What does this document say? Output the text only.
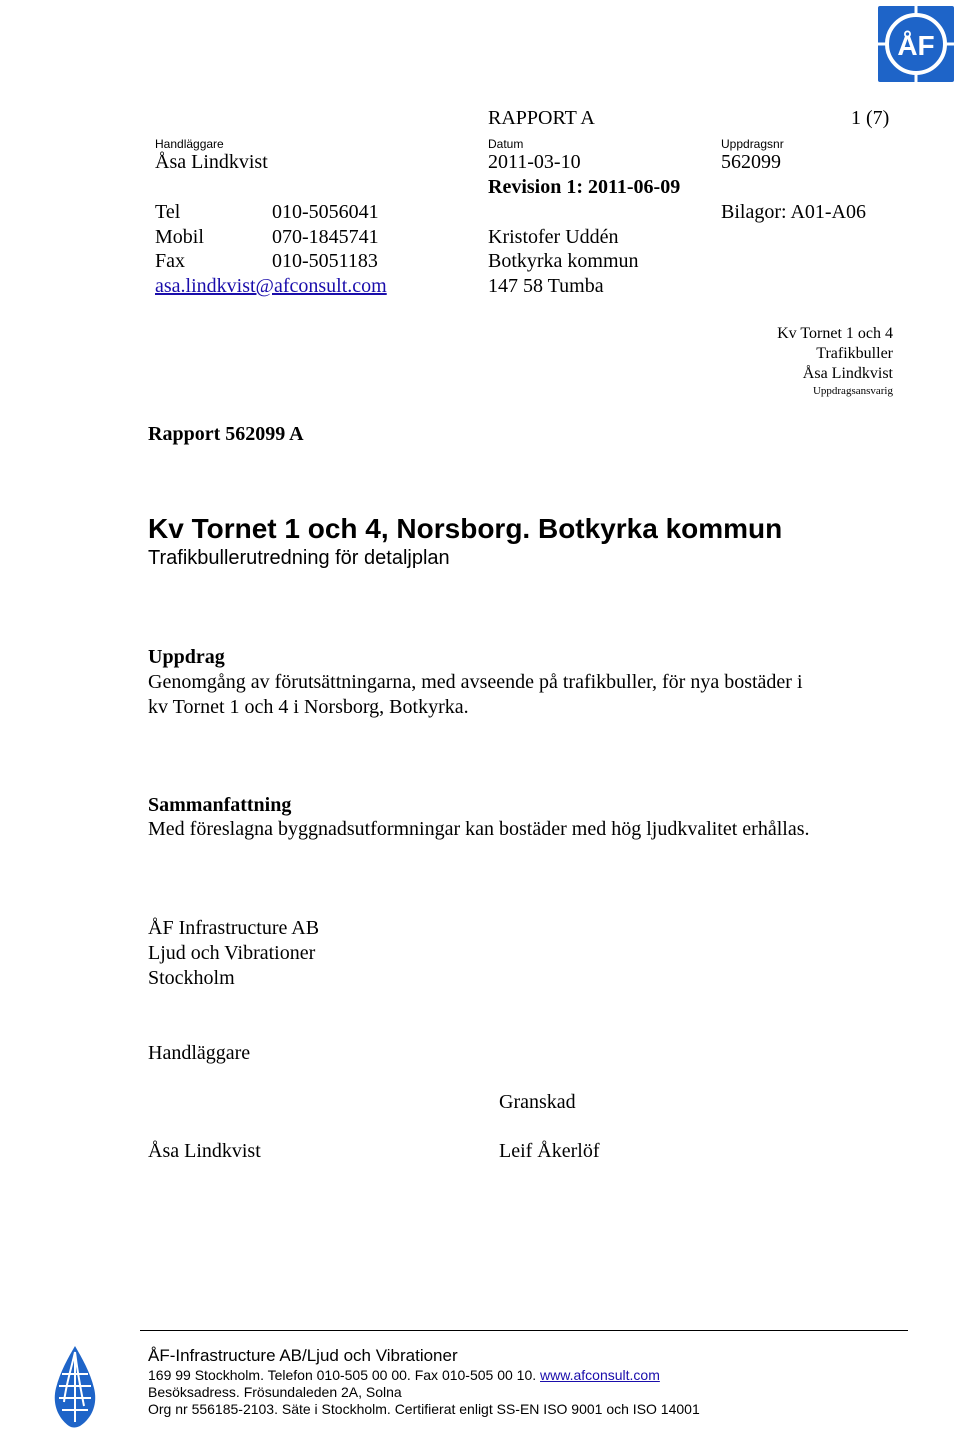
ÅF
RAPPORT A	1 (7)
Handläggare	Datum	Uppdragsnr
Åsa Lindkvist	2011-03-10	562099
Revision 1: 2011-06-09
Tel	010-5056041	Bilagor: A01-A06
Mobil	070-1845741	Kristofer Uddén
Fax	010-5051183	Botkyrka kommun
asa.lindkvist@afconsult.com	147 58 Tumba
Kv Tornet 1 och 4
Trafikbuller
Åsa Lindkvist
Uppdragsansvarig
Rapport 562099 A
Kv Tornet 1 och 4, Norsborg. Botkyrka kommun
Trafikbullerutredning för detaljplan
Uppdrag
Genomgång av förutsättningarna, med avseende på trafikbuller, för nya bostäder i
kv Tornet 1 och 4 i Norsborg, Botkyrka.
Sammanfattning
Med föreslagna byggnadsutformningar kan bostäder med hög ljudkvalitet erhållas.
ÅF Infrastructure AB
Ljud och Vibrationer
Stockholm
Handläggare
Granskad
Åsa Lindkvist	Leif Åkerlöf
ÅF-Infrastructure AB/Ljud och Vibrationer
169 99 Stockholm. Telefon 010-505 00 00. Fax 010-505 00 10. www.afconsult.com
Besöksadress. Frösundaleden 2A, Solna
Org nr 556185-2103. Säte i Stockholm. Certifierat enligt SS-EN ISO 9001 och ISO 14001
